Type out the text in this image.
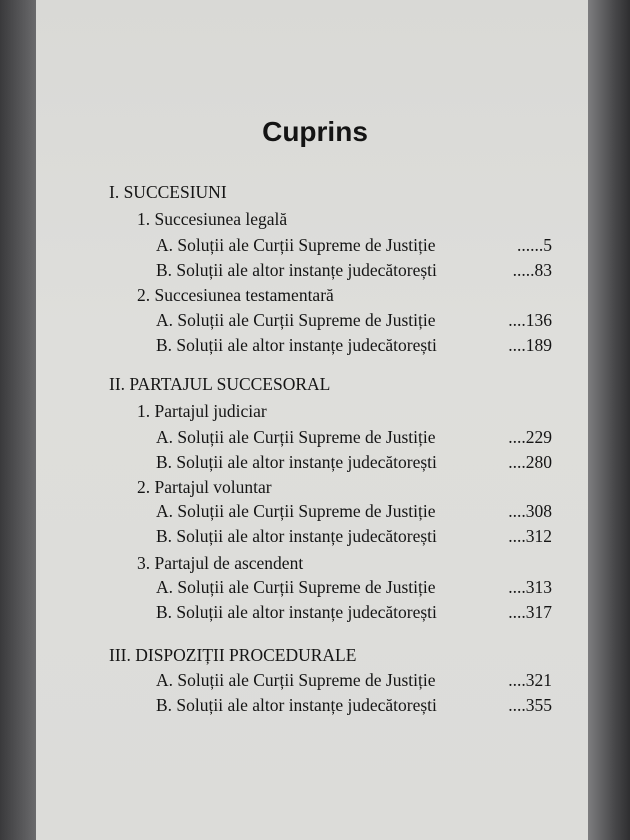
Cuprins
I. SUCCESIUNI
1. Succesiunea legală
A. Soluții ale Curții Supreme de Justiție	......5
B. Soluții ale altor instanțe judecătorești	.....83
2. Succesiunea testamentară
A. Soluții ale Curții Supreme de Justiție	....136
B. Soluții ale altor instanțe judecătorești	....189
II. PARTAJUL SUCCESORAL
1. Partajul judiciar
A. Soluții ale Curții Supreme de Justiție	....229
B. Soluții ale altor instanțe judecătorești	....280
2. Partajul voluntar
A. Soluții ale Curții Supreme de Justiție	....308
B. Soluții ale altor instanțe judecătorești	....312
3. Partajul de ascendent
A. Soluții ale Curții Supreme de Justiție	....313
B. Soluții ale altor instanțe judecătorești	....317
III. DISPOZIȚII PROCEDURALE
A. Soluții ale Curții Supreme de Justiție	....321
B. Soluții ale altor instanțe judecătorești	....355
